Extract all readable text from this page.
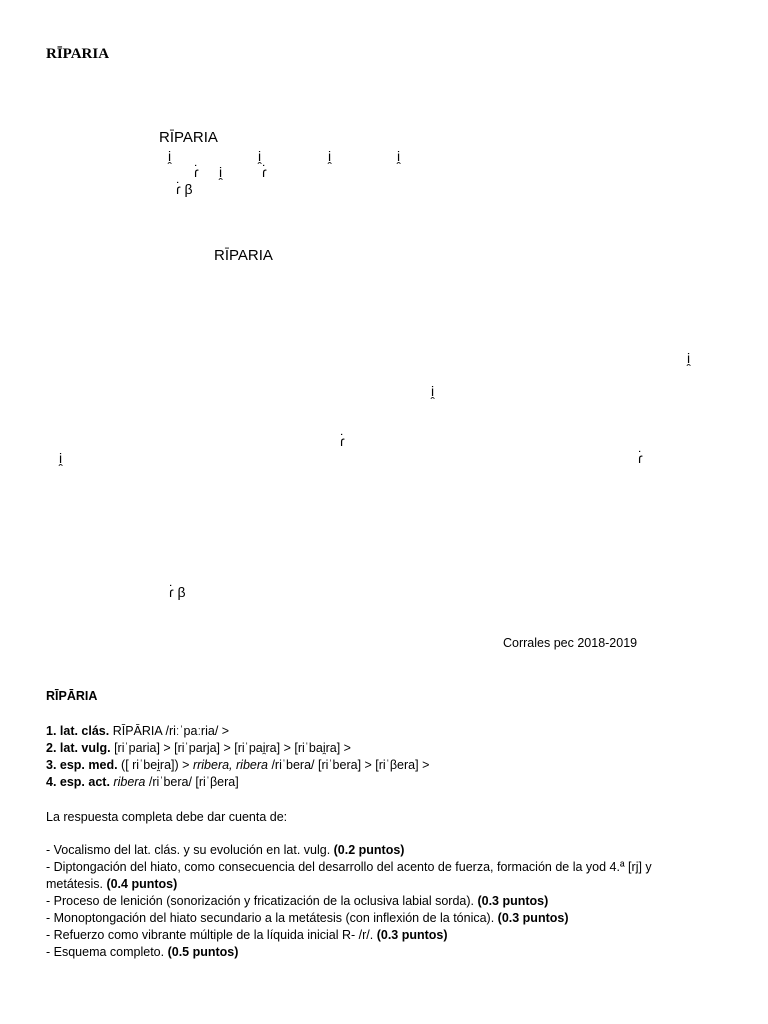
RĪPARIA
RĪPARIA
i̯	i̯	i̯	i̯
ɾ̇ i̯	ɾ̇
ɾ̇ β
RĪPARIA
i̯
i̯
ɾ̇
i̯	ɾ̇
ɾ̇ β
Corrales pec 2018-2019
RĪPĀRIA
1. lat. clás. RĪPĀRIA /riːˈpaːria/ >
2. lat. vulg. [riˈparia] > [riˈparja] > [riˈpai̯ra] > [riˈbai̯ra] >
3. esp. med. ([ riˈbei̯ra]) > rribera, ribera /riˈbera/ [riˈbera] > [riˈβera] >
4. esp. act. ribera /riˈbera/ [riˈβera]
La respuesta completa debe dar cuenta de:
- Vocalismo del lat. clás. y su evolución en lat. vulg. (0.2 puntos)
- Diptongación del hiato, como consecuencia del desarrollo del acento de fuerza, formación de la yod 4.ª [rj] y metátesis. (0.4 puntos)
- Proceso de lenición (sonorización y fricatización de la oclusiva labial sorda). (0.3 puntos)
- Monoptongación del hiato secundario a la metátesis (con inflexión de la tónica). (0.3 puntos)
- Refuerzo como vibrante múltiple de la líquida inicial R- /r/. (0.3 puntos)
- Esquema completo. (0.5 puntos)
